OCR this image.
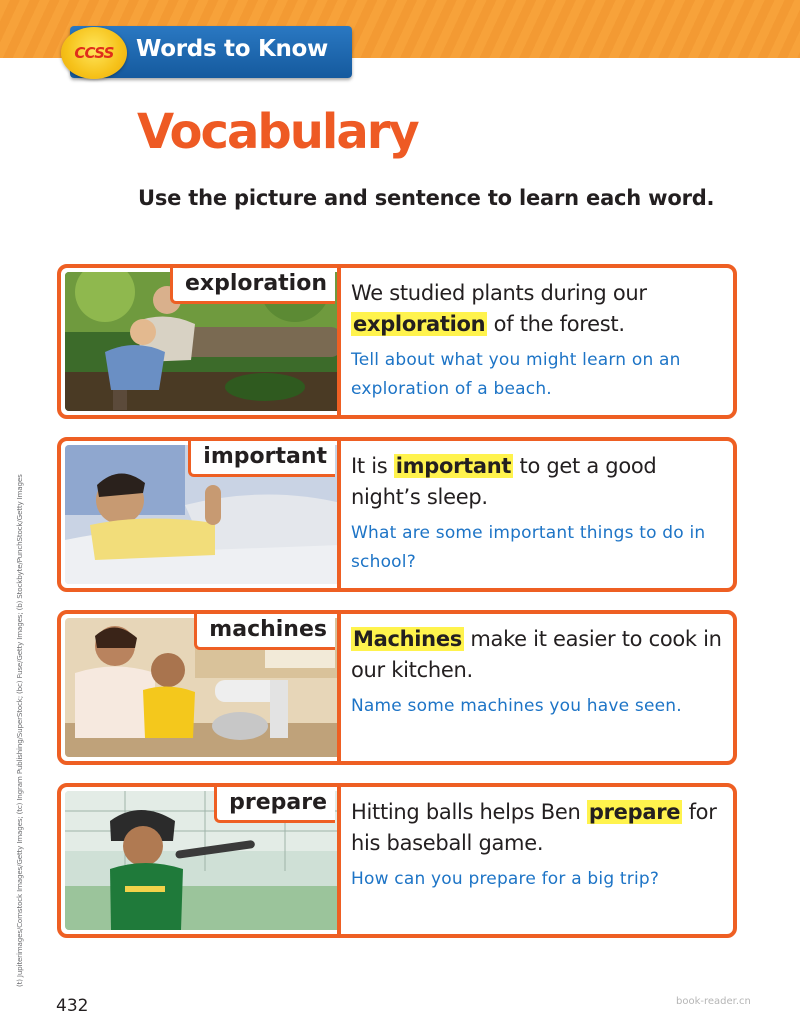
Words to Know
CCSS
Vocabulary

Use the picture and sentence to learn each word.

exploration	We studied plants during our exploration of the forest.

Tell about what you might learn on an exploration of a beach.

important	It is important to get a good night’s sleep.

What are some important things to do in school?

machines	Machines make it easier to cook in our kitchen.

Name some machines you have seen.

prepare	Hitting balls helps Ben prepare for his baseball game.

How can you prepare for a big trip?

(t) Jupiterimages/Comstock Images/Getty Images; (tc) Ingram Publishing/SuperStock; (bc) Fuse/Getty Images; (b) Stockbyte/PunchStock/Getty Images
432	book-reader.cn
